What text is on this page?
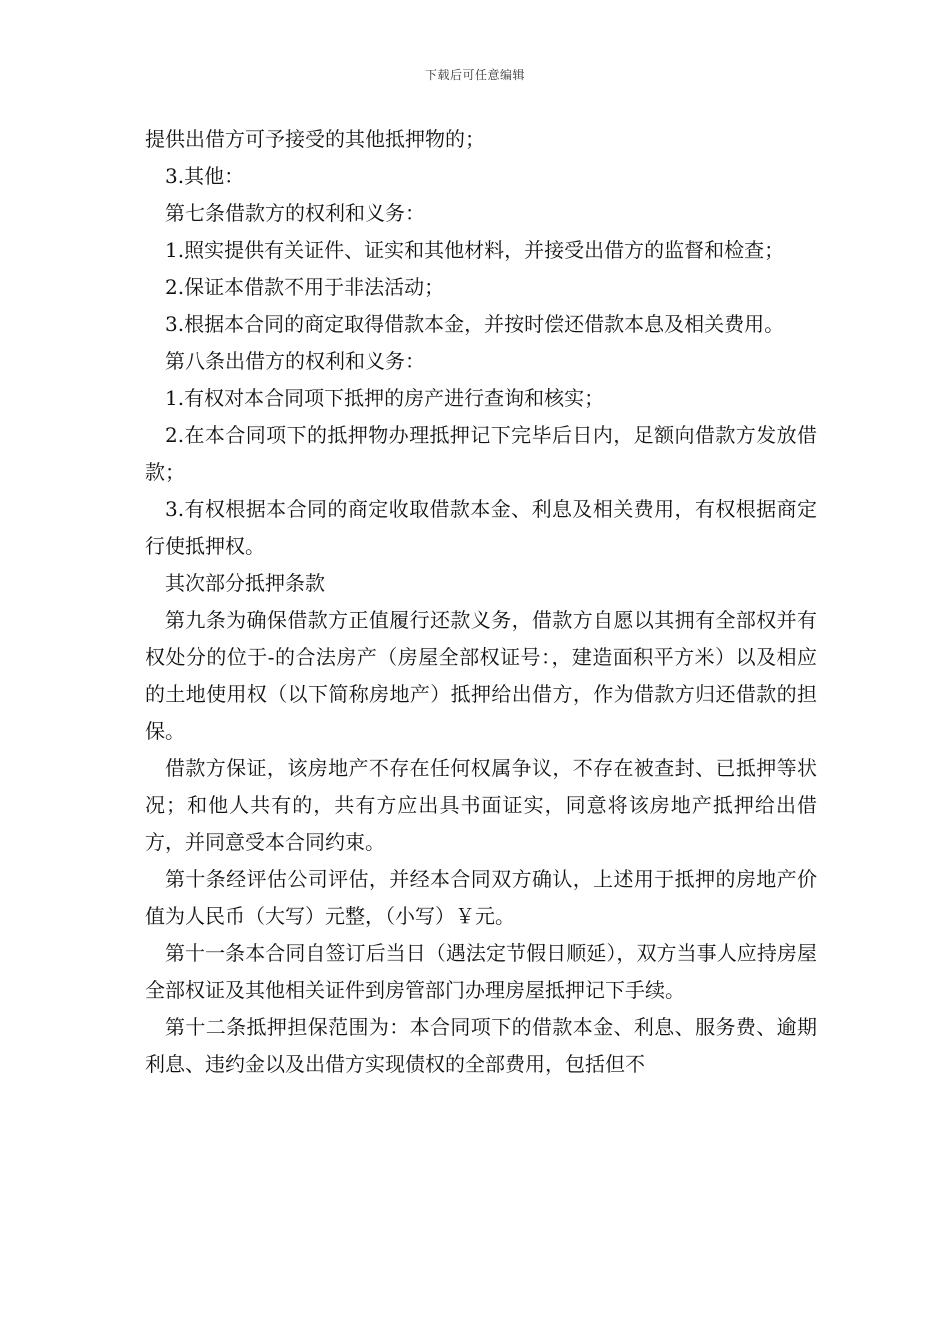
下载后可任意编辑

提供出借方可予接受的其他抵押物的；

3.其他：

第七条借款方的权利和义务：

1.照实提供有关证件、证实和其他材料，并接受出借方的监督和检查；

2.保证本借款不用于非法活动；

3.根据本合同的商定取得借款本金，并按时偿还借款本息及相关费用。

第八条出借方的权利和义务：

1.有权对本合同项下抵押的房产进行查询和核实；

2.在本合同项下的抵押物办理抵押记下完毕后日内，足额向借款方发放借款；

3.有权根据本合同的商定收取借款本金、利息及相关费用，有权根据商定行使抵押权。

其次部分抵押条款

第九条为确保借款方正值履行还款义务，借款方自愿以其拥有全部权并有权处分的位于-的合法房产（房屋全部权证号：，建造面积平方米）以及相应的土地使用权（以下简称房地产）抵押给出借方，作为借款方归还借款的担保。

借款方保证，该房地产不存在任何权属争议，不存在被查封、已抵押等状况；和他人共有的，共有方应出具书面证实，同意将该房地产抵押给出借方，并同意受本合同约束。

第十条经评估公司评估，并经本合同双方确认，上述用于抵押的房地产价值为人民币（大写）元整，（小写）￥元。

第十一条本合同自签订后当日（遇法定节假日顺延），双方当事人应持房屋全部权证及其他相关证件到房管部门办理房屋抵押记下手续。

第十二条抵押担保范围为：本合同项下的借款本金、利息、服务费、逾期利息、违约金以及出借方实现债权的全部费用，包括但不
